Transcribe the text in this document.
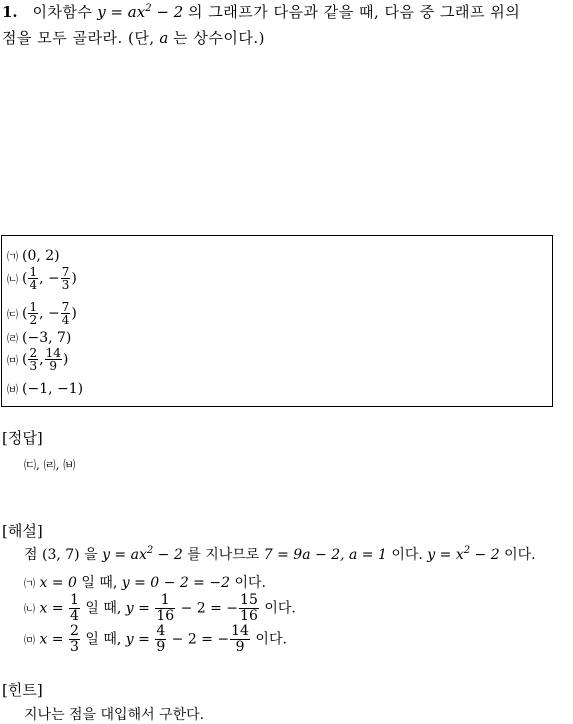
1. 이차함수 $y = ax^2 - 2$ 의 그래프가 다음과 같을 때, 다음 중 그래프 위의
점을 모두 골라라. (단, a 는 상수이다.)
㈀ (0, 2)
㈁ ( $\frac{1}{4}$ , − $\frac{7}{3}$ )
㈂ ( $\frac{1}{2}$ , − $\frac{7}{4}$ )
㈃ (−3, 7)
㈄ ( $\frac{2}{3}$ , $\frac{14}{9}$ )
㈅ (−1, −1)
[정답]
㈂, ㈃, ㈅
[해설]
점 (3, 7) 을 $y = ax^2 - 2$ 를 지나므로 7 = 9a − 2, a = 1 이다. $y = x^2 - 2$ 이다.
㈀ x = 0 일 때, y = 0 − 2 = −2 이다.
㈁ $x = \frac{1}{4}$ 일 때, $y = \frac{1}{16} - 2$ = − $\frac{15}{16}$ 이다.
㈄ $x = \frac{2}{3}$ 일 때, $y = \frac{4}{9} - 2$ = − $\frac{14}{9}$ 이다.
[힌트]
지나는 점을 대입해서 구한다.
